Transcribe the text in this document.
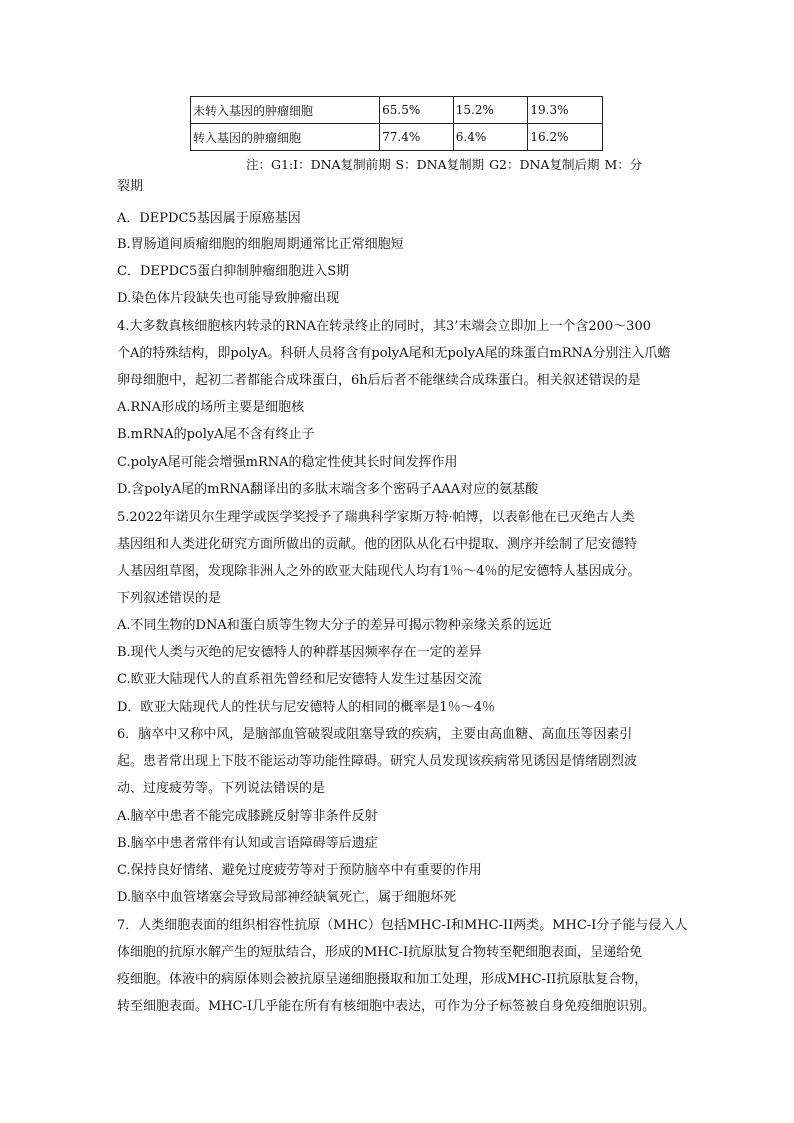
未转入基因的肿瘤细胞	65.5%	15.2%	19.3%
转入基因的肿瘤细胞	77.4%	6.4%	16.2%
注：G1:I：DNA复制前期 S：DNA复制期 G2：DNA复制后期 M：分
裂期
A．DEPDC5基因属于原癌基因
B.胃肠道间质瘤细胞的细胞周期通常比正常细胞短
C．DEPDC5蛋白抑制肿瘤细胞进入S期
D.染色体片段缺失也可能导致肿瘤出现
4.大多数真核细胞核内转录的RNA在转录终止的同时，其3’末端会立即加上一个含200～300
个A的特殊结构，即polyA。科研人员将含有polyA尾和无polyA尾的珠蛋白mRNA分别注入爪蟾
卵母细胞中，起初二者都能合成珠蛋白，6h后后者不能继续合成珠蛋白。相关叙述错误的是
A.RNA形成的场所主要是细胞核
B.mRNA的polyA尾不含有终止子
C.polyA尾可能会增强mRNA的稳定性使其长时间发挥作用
D.含polyA尾的mRNA翻译出的多肽末端含多个密码子AAA对应的氨基酸
5.2022年诺贝尔生理学或医学奖授予了瑞典科学家斯万特·帕博，以表彰他在已灭绝古人类
基因组和人类进化研究方面所做出的贡献。他的团队从化石中提取、测序并绘制了尼安德特
人基因组草图，发现除非洲人之外的欧亚大陆现代人均有1％～4％的尼安德特人基因成分。
下列叙述错误的是
A.不同生物的DNA和蛋白质等生物大分子的差异可揭示物种亲缘关系的远近
B.现代人类与灭绝的尼安德特人的种群基因频率存在一定的差异
C.欧亚大陆现代人的直系祖先曾经和尼安德特人发生过基因交流
D．欧亚大陆现代人的性状与尼安德特人的相同的概率是1％～4％
6．脑卒中又称中风，是脑部血管破裂或阻塞导致的疾病，主要由高血糖、高血压等因素引
起。患者常出现上下肢不能运动等功能性障碍。研究人员发现该疾病常见诱因是情绪剧烈波
动、过度疲劳等。下列说法错误的是
A.脑卒中患者不能完成膝跳反射等非条件反射
B.脑卒中患者常伴有认知或言语障碍等后遗症
C.保持良好情绪、避免过度疲劳等对于预防脑卒中有重要的作用
D.脑卒中血管堵塞会导致局部神经缺氧死亡，属于细胞坏死
7．人类细胞表面的组织相容性抗原（MHC）包括MHC-I和MHC-II两类。MHC-I分子能与侵入人
体细胞的抗原水解产生的短肽结合，形成的MHC-I抗原肽复合物转至靶细胞表面，呈递给免
疫细胞。体液中的病原体则会被抗原呈递细胞摄取和加工处理，形成MHC-II抗原肽复合物，
转至细胞表面。MHC-I几乎能在所有有核细胞中表达，可作为分子标签被自身免疫细胞识别。
